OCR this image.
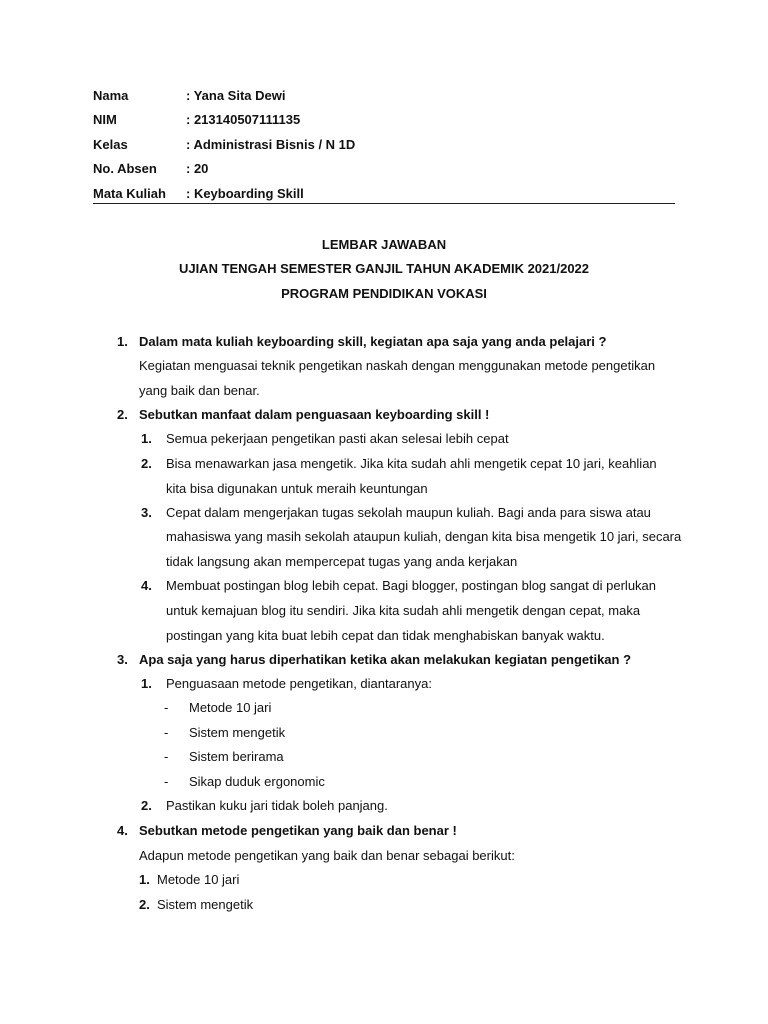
Nama	: Yana Sita Dewi
NIM	: 213140507111135
Kelas	: Administrasi Bisnis / N 1D
No. Absen : 20
Mata Kuliah : Keyboarding Skill
LEMBAR JAWABAN
UJIAN TENGAH SEMESTER GANJIL TAHUN AKADEMIK 2021/2022
PROGRAM PENDIDIKAN VOKASI
1. Dalam mata kuliah keyboarding skill, kegiatan apa saja yang anda pelajari ?
Kegiatan menguasai teknik pengetikan naskah dengan menggunakan metode pengetikan
yang baik dan benar.
2. Sebutkan manfaat dalam penguasaan keyboarding skill !
1. Semua pekerjaan pengetikan pasti akan selesai lebih cepat
2. Bisa menawarkan jasa mengetik. Jika kita sudah ahli mengetik cepat 10 jari, keahlian
kita bisa digunakan untuk meraih keuntungan
3. Cepat dalam mengerjakan tugas sekolah maupun kuliah. Bagi anda para siswa atau
mahasiswa yang masih sekolah ataupun kuliah, dengan kita bisa mengetik 10 jari, secara
tidak langsung akan mempercepat tugas yang anda kerjakan
4. Membuat postingan blog lebih cepat. Bagi blogger, postingan blog sangat di perlukan
untuk kemajuan blog itu sendiri. Jika kita sudah ahli mengetik dengan cepat, maka
postingan yang kita buat lebih cepat dan tidak menghabiskan banyak waktu.
3. Apa saja yang harus diperhatikan ketika akan melakukan kegiatan pengetikan ?
1. Penguasaan metode pengetikan, diantaranya:
- Metode 10 jari
- Sistem mengetik
- Sistem berirama
- Sikap duduk ergonomic
2. Pastikan kuku jari tidak boleh panjang.
4. Sebutkan metode pengetikan yang baik dan benar !
Adapun metode pengetikan yang baik dan benar sebagai berikut:
1. Metode 10 jari
2. Sistem mengetik
